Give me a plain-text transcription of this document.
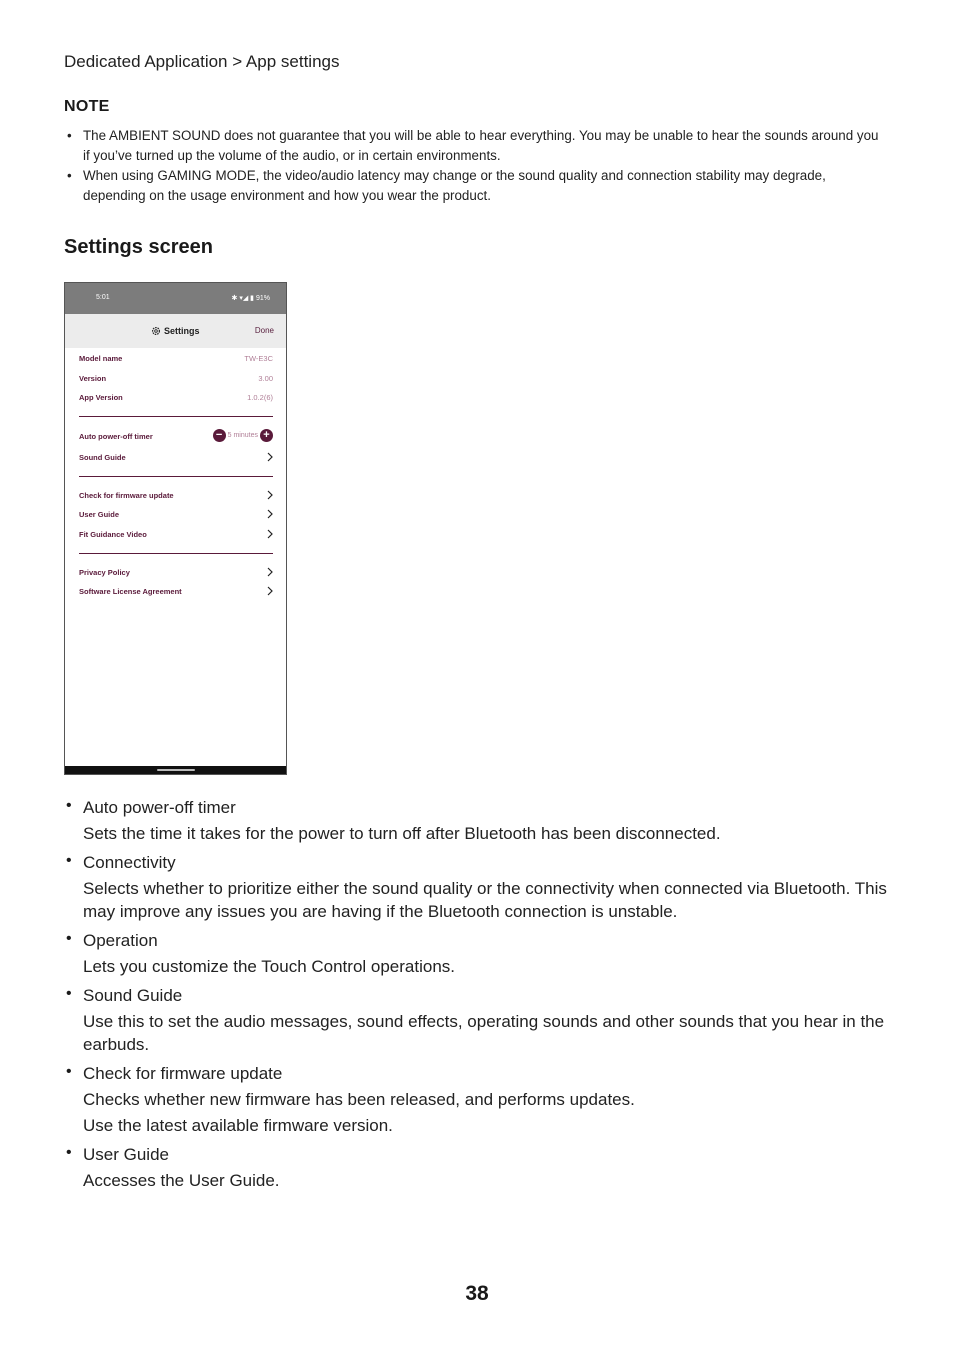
Dedicated Application > App settings
NOTE
• The AMBIENT SOUND does not guarantee that you will be able to hear everything. You may be unable to hear the sounds around you if you’ve turned up the volume of the audio, or in certain environments.
• When using GAMING MODE, the video/audio latency may change or the sound quality and connection stability may degrade, depending on the usage environment and how you wear the product.
Settings screen
5:01	✱ ▾◢ ▮ 91%
Settings	Done
Model name	TW-E3C
Version	3.00
App Version	1.0.2(6)
Auto power-off timer	− 5 minutes +
Sound Guide
Check for firmware update
User Guide
Fit Guidance Video
Privacy Policy
Software License Agreement
• Auto power-off timer
Sets the time it takes for the power to turn off after Bluetooth has been disconnected.
• Connectivity
Selects whether to prioritize either the sound quality or the connectivity when connected via Bluetooth. This may improve any issues you are having if the Bluetooth connection is unstable.
• Operation
Lets you customize the Touch Control operations.
• Sound Guide
Use this to set the audio messages, sound effects, operating sounds and other sounds that you hear in the earbuds.
• Check for firmware update
Checks whether new firmware has been released, and performs updates.
Use the latest available firmware version.
• User Guide
Accesses the User Guide.
38
